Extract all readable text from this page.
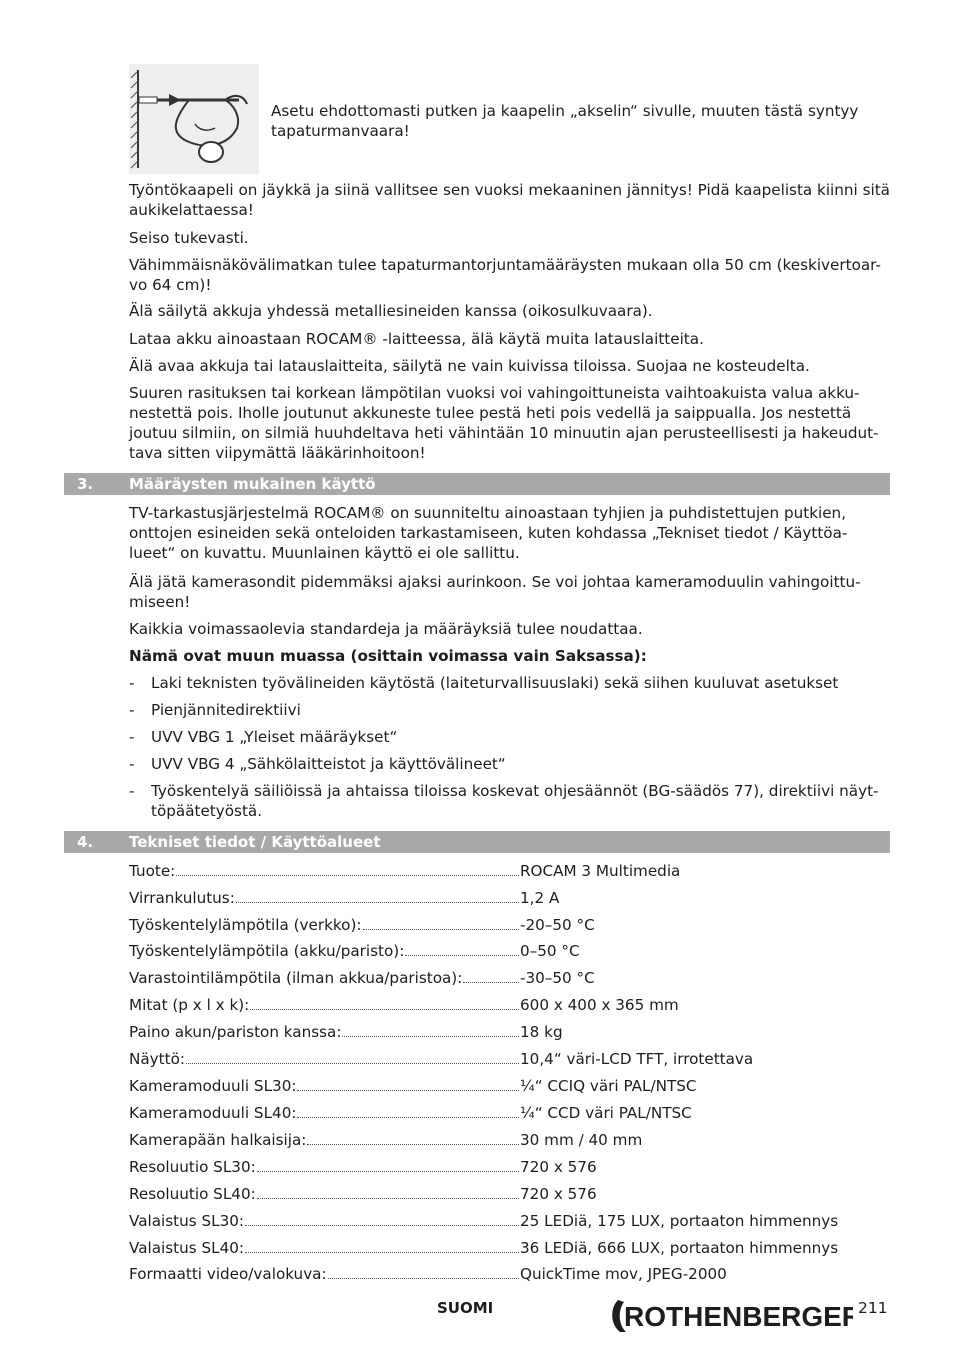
Asetu ehdottomasti putken ja kaapelin „akselin“ sivulle, muuten tästä syntyy tapaturmanvaara!

Työntökaapeli on jäykkä ja siinä vallitsee sen vuoksi mekaaninen jännitys! Pidä kaapelista kiinni sitä aukikelattaessa!

Seiso tukevasti.

Vähimmäisnäkövälimatkan tulee tapaturmantorjuntamääräysten mukaan olla 50 cm (keskivertoar-vo 64 cm)!

Älä säilytä akkuja yhdessä metalliesineiden kanssa (oikosulkuvaara).

Lataa akku ainoastaan ROCAM® -laitteessa, älä käytä muita latauslaitteita.

Älä avaa akkuja tai latauslaitteita, säilytä ne vain kuivissa tiloissa. Suojaa ne kosteudelta.

Suuren rasituksen tai korkean lämpötilan vuoksi voi vahingoittuneista vaihtoakuista valua akku-nestettä pois. Iholle joutunut akkuneste tulee pestä heti pois vedellä ja saippualla. Jos nestettä joutuu silmiin, on silmiä huuhdeltava heti vähintään 10 minuutin ajan perusteellisesti ja hakeudut-tava sitten viipymättä lääkärinhoitoon!

3. Määräysten mukainen käyttö

TV-tarkastusjärjestelmä ROCAM® on suunniteltu ainoastaan tyhjien ja puhdistettujen putkien, onttojen esineiden sekä onteloiden tarkastamiseen, kuten kohdassa „Tekniset tiedot / Käyttöa-lueet“ on kuvattu. Muunlainen käyttö ei ole sallittu.

Älä jätä kamerasondit pidemmäksi ajaksi aurinkoon. Se voi johtaa kameramoduulin vahingoittu-miseen!

Kaikkia voimassaolevia standardeja ja määräyksiä tulee noudattaa.

Nämä ovat muun muassa (osittain voimassa vain Saksassa):

- Laki teknisten työvälineiden käytöstä (laiteturvallisuuslaki) sekä siihen kuuluvat asetukset
- Pienjännitedirektiivi
- UVV VBG 1 „Yleiset määräykset“
- UVV VBG 4 „Sähkölaitteistot ja käyttövälineet“
- Työskentelyä säiliöissä ja ahtaissa tiloissa koskevat ohjesäännöt (BG-säädös 77), direktiivi näyt-töpäätetyöstä.
4. Tekniset tiedot / Käyttöalueet
Tuote:	ROCAM 3 Multimedia
Virrankulutus:	1,2 A
Työskentelylämpötila (verkko):	-20–50 °C
Työskentelylämpötila (akku/paristo):	0–50 °C
Varastointilämpötila (ilman akkua/paristoa):	-30–50 °C
Mitat (p x l x k):	600 x 400 x 365 mm
Paino akun/pariston kanssa:	18 kg
Näyttö:	10,4“ väri-LCD TFT, irrotettava
Kameramoduuli SL30:	¼“ CCIQ väri PAL/NTSC
Kameramoduuli SL40:	¼“ CCD väri PAL/NTSC
Kamerapään halkaisija:	30 mm / 40 mm
Resoluutio SL30:	720 x 576
Resoluutio SL40:	720 x 576
Valaistus SL30:	25 LEDiä, 175 LUX, portaaton himmennys
Valaistus SL40:	36 LEDiä, 666 LUX, portaaton himmennys
Formaatti video/valokuva:	QuickTime mov, JPEG-2000
SUOMI	ROTHENBERGER
211
